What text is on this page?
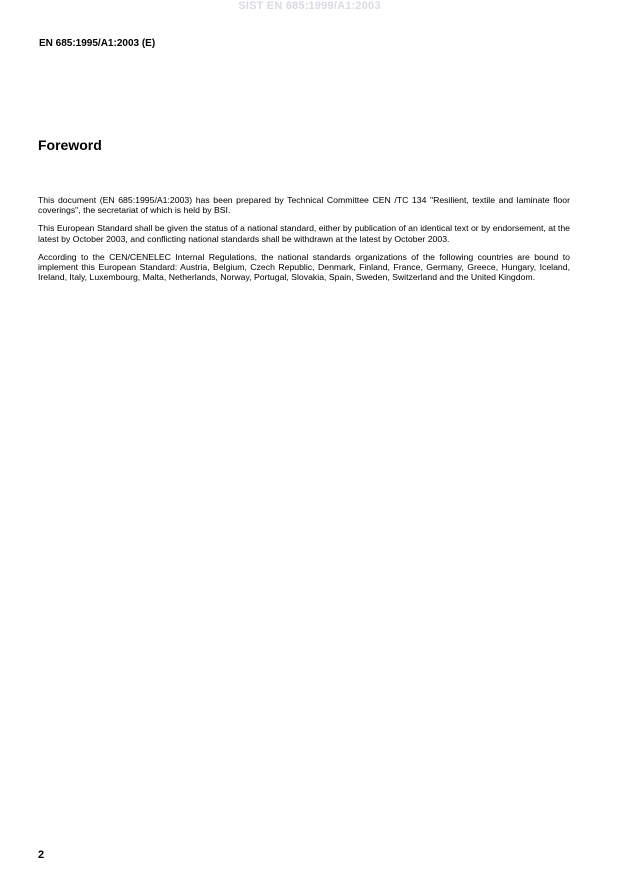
SIST EN 685:1999/A1:2003
EN 685:1995/A1:2003 (E)
Foreword

This document (EN 685:1995/A1:2003) has been prepared by Technical Committee CEN /TC 134 "Resilient, textile and laminate floor coverings", the secretariat of which is held by BSI.

This European Standard shall be given the status of a national standard, either by publication of an identical text or by endorsement, at the latest by October 2003, and conflicting national standards shall be withdrawn at the latest by October 2003.

According to the CEN/CENELEC Internal Regulations, the national standards organizations of the following countries are bound to implement this European Standard: Austria, Belgium, Czech Republic, Denmark, Finland, France, Germany, Greece, Hungary, Iceland, Ireland, Italy, Luxembourg, Malta, Netherlands, Norway, Portugal, Slovakia, Spain, Sweden, Switzerland and the United Kingdom.

2
